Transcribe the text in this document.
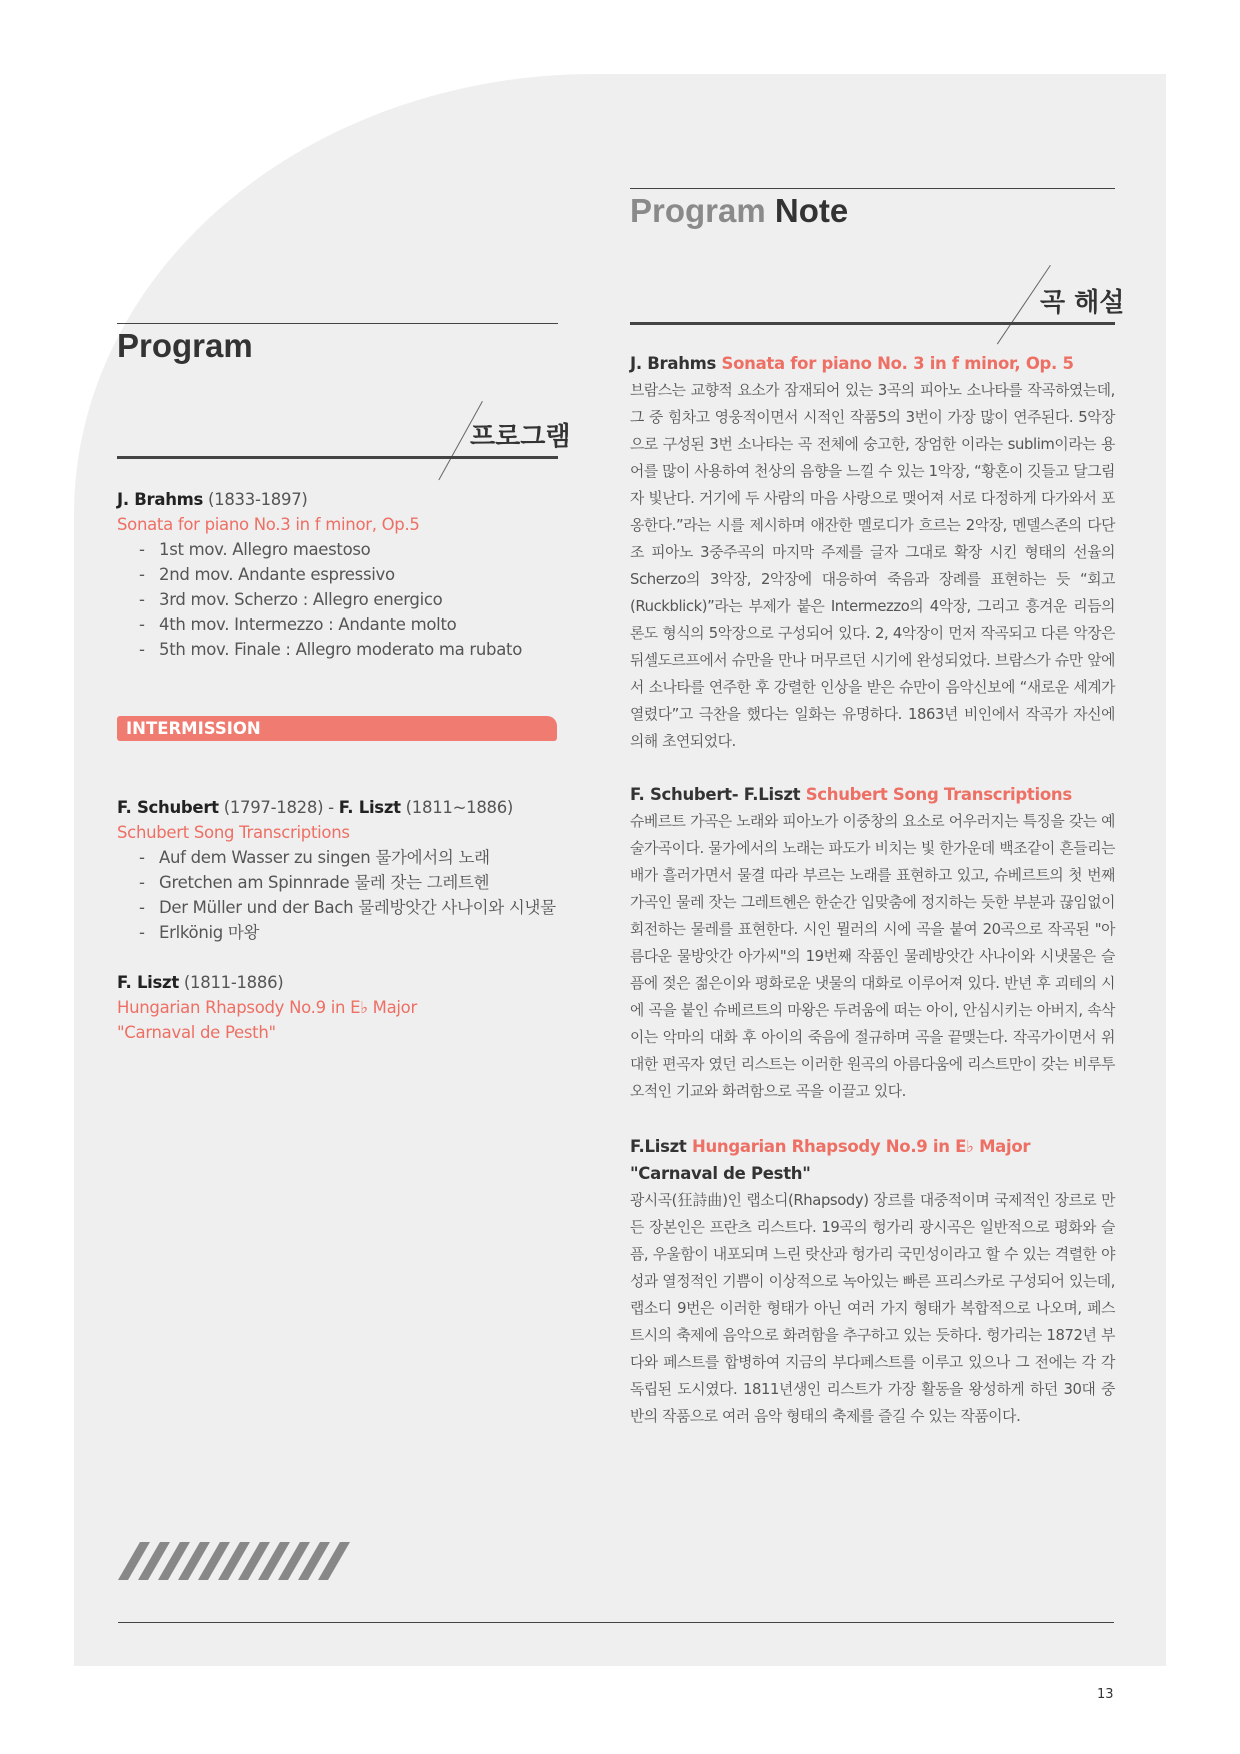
Program
프로그램
J. Brahms (1833-1897)
Sonata for piano No.3 in f minor, Op.5
- 1st mov. Allegro maestoso
- 2nd mov. Andante espressivo
- 3rd mov. Scherzo : Allegro energico
- 4th mov. Intermezzo : Andante molto
- 5th mov. Finale : Allegro moderato ma rubato
INTERMISSION
F. Schubert (1797-1828) - F. Liszt (1811~1886)
Schubert Song Transcriptions
- Auf dem Wasser zu singen 물가에서의 노래
- Gretchen am Spinnrade 물레 잣는 그레트헨
- Der Müller und der Bach 물레방앗간 사나이와 시냇물
- Erlkönig 마왕
F. Liszt (1811-1886)
Hungarian Rhapsody No.9 in E♭ Major
"Carnaval de Pesth"
Program Note
곡 해설
J. Brahms Sonata for piano No. 3 in f minor, Op. 5

브람스는 교향적 요소가 잠재되어 있는 3곡의 피아노 소나타를 작곡하였는데, 그 중 힘차고 영웅적이면서 시적인 작품5의 3번이 가장 많이 연주된다. 5악장으로 구성된 3번 소나타는 곡 전체에 숭고한, 장엄한 이라는 sublim이라는 용어를 많이 사용하여 천상의 음향을 느낄 수 있는 1악장, “황혼이 깃들고 달그림자 빛난다. 거기에 두 사람의 마음 사랑으로 맺어져 서로 다정하게 다가와서 포옹한다.”라는 시를 제시하며 애잔한 멜로디가 흐르는 2악장, 멘델스존의 다단조 피아노 3중주곡의 마지막 주제를 글자 그대로 확장 시킨 형태의 선율의 Scherzo의 3악장, 2악장에 대응하여 죽음과 장례를 표현하는 듯 “회고(Ruckblick)”라는 부제가 붙은 Intermezzo의 4악장, 그리고 흥겨운 리듬의 론도 형식의 5악장으로 구성되어 있다. 2, 4악장이 먼저 작곡되고 다른 악장은 뒤셀도르프에서 슈만을 만나 머무르던 시기에 완성되었다. 브람스가 슈만 앞에서 소나타를 연주한 후 강렬한 인상을 받은 슈만이 음악신보에 “새로운 세계가 열렸다”고 극찬을 했다는 일화는 유명하다. 1863년 비인에서 작곡가 자신에 의해 초연되었다.

F. Schubert- F.Liszt Schubert Song Transcriptions

슈베르트 가곡은 노래와 피아노가 이중창의 요소로 어우러지는 특징을 갖는 예술가곡이다. 물가에서의 노래는 파도가 비치는 빛 한가운데 백조같이 흔들리는 배가 흘러가면서 물결 따라 부르는 노래를 표현하고 있고, 슈베르트의 첫 번째 가곡인 물레 잣는 그레트헨은 한순간 입맞춤에 정지하는 듯한 부분과 끊임없이 회전하는 물레를 표현한다. 시인 뮐러의 시에 곡을 붙여 20곡으로 작곡된 "아름다운 물방앗간 아가씨"의 19번째 작품인 물레방앗간 사나이와 시냇물은 슬픔에 젖은 젊은이와 평화로운 냇물의 대화로 이루어져 있다. 반년 후 괴테의 시에 곡을 붙인 슈베르트의 마왕은 두려움에 떠는 아이, 안심시키는 아버지, 속삭이는 악마의 대화 후 아이의 죽음에 절규하며 곡을 끝맺는다. 작곡가이면서 위대한 편곡자 였던 리스트는 이러한 원곡의 아름다움에 리스트만이 갖는 비루투오적인 기교와 화려함으로 곡을 이끌고 있다.

F.Liszt Hungarian Rhapsody No.9 in E♭ Major
"Carnaval de Pesth"

광시곡(狂詩曲)인 랩소디(Rhapsody) 장르를 대중적이며 국제적인 장르로 만든 장본인은 프란츠 리스트다. 19곡의 헝가리 광시곡은 일반적으로 평화와 슬픔, 우울함이 내포되며 느린 랏산과 헝가리 국민성이라고 할 수 있는 격렬한 야성과 열정적인 기쁨이 이상적으로 녹아있는 빠른 프리스카로 구성되어 있는데, 랩소디 9번은 이러한 형태가 아닌 여러 가지 형태가 복합적으로 나오며, 페스트시의 축제에 음악으로 화려함을 추구하고 있는 듯하다. 헝가리는 1872년 부다와 페스트를 합병하여 지금의 부다페스트를 이루고 있으나 그 전에는 각 각 독립된 도시였다. 1811년생인 리스트가 가장 활동을 왕성하게 하던 30대 중반의 작품으로 여러 음악 형태의 축제를 즐길 수 있는 작품이다.

13
